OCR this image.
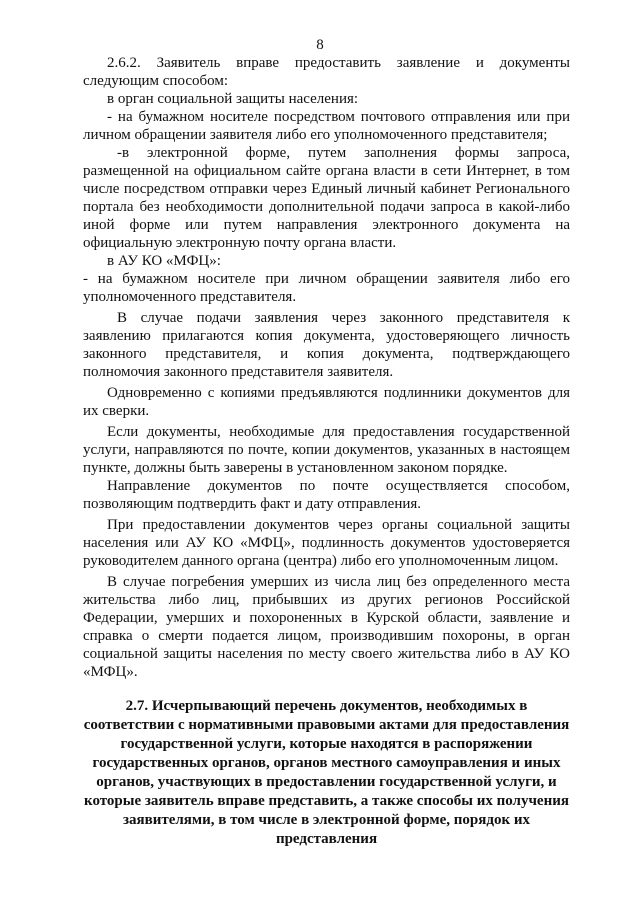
8

2.6.2. Заявитель вправе предоставить заявление и документы следующим способом:

в орган социальной защиты населения:

- на бумажном носителе посредством почтового отправления или при личном обращении заявителя либо его уполномоченного представителя;

-в электронной форме, путем заполнения формы запроса, размещенной на официальном сайте органа власти в сети Интернет, в том числе посредством отправки через Единый личный кабинет Регионального портала без необходимости дополнительной подачи запроса в какой-либо иной форме или путем направления электронного документа на официальную электронную почту органа власти.

в АУ КО «МФЦ»:

- на бумажном носителе при личном обращении заявителя либо его уполномоченного представителя.

В случае подачи заявления через законного представителя к заявлению прилагаются копия документа, удостоверяющего личность законного представителя, и копия документа, подтверждающего полномочия законного представителя заявителя.

Одновременно с копиями предъявляются подлинники документов для их сверки.

Если документы, необходимые для предоставления государственной услуги, направляются по почте, копии документов, указанных в настоящем пункте, должны быть заверены в установленном законом порядке.

Направление документов по почте осуществляется способом, позволяющим подтвердить факт и дату отправления.

При предоставлении документов через органы социальной защиты населения или АУ КО «МФЦ», подлинность документов удостоверяется руководителем данного органа (центра) либо его уполномоченным лицом.

В случае погребения умерших из числа лиц без определенного места жительства либо лиц, прибывших из других регионов Российской Федерации, умерших и похороненных в Курской области, заявление и справка о смерти подается лицом, производившим похороны, в орган социальной защиты населения по месту своего жительства либо в АУ КО «МФЦ».

2.7. Исчерпывающий перечень документов, необходимых в соответствии с нормативными правовыми актами для предоставления государственной услуги, которые находятся в распоряжении государственных органов, органов местного самоуправления и иных органов, участвующих в предоставлении государственной услуги, и которые заявитель вправе представить, а также способы их получения заявителями, в том числе в электронной форме, порядок их представления
